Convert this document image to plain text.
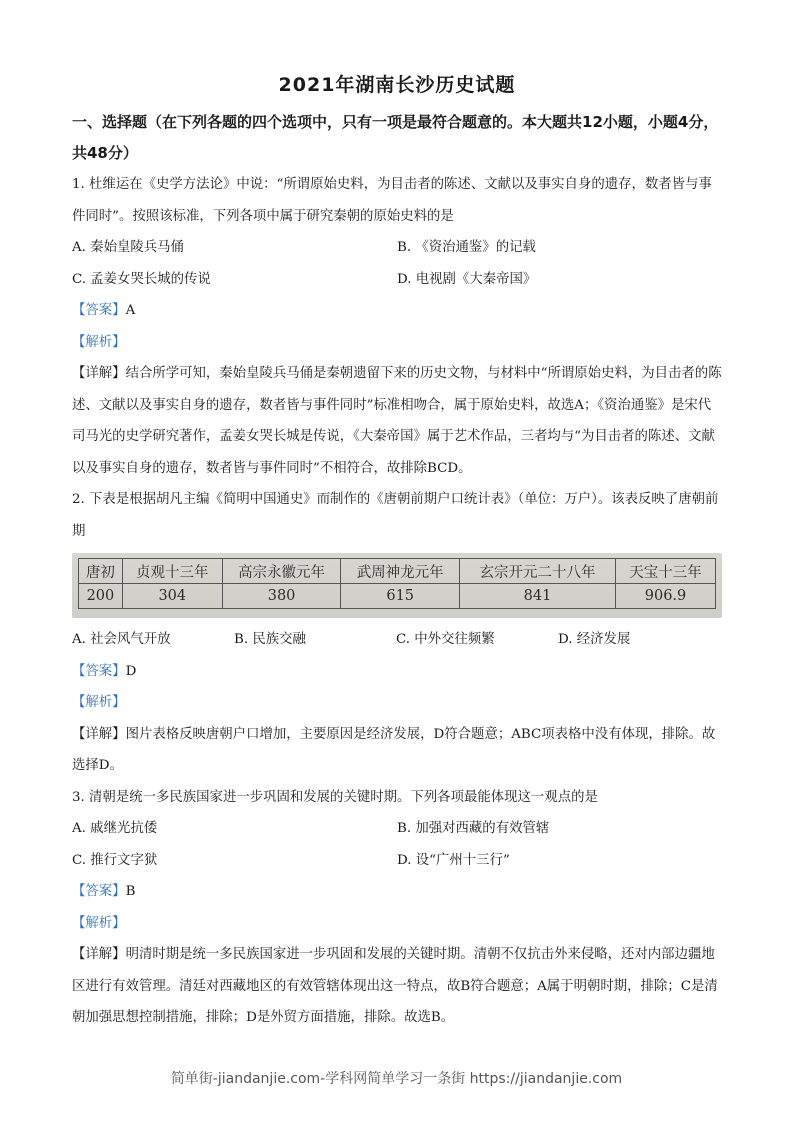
2021年湖南长沙历史试题

一、选择题（在下列各题的四个选项中，只有一项是最符合题意的。本大题共12小题，小题4分，共48分）

1. 杜维运在《史学方法论》中说：“所谓原始史料，为目击者的陈述、文献以及事实自身的遗存，数者皆与事件同时”。按照该标准，下列各项中属于研究秦朝的原始史料的是

A. 秦始皇陵兵马俑	B. 《资治通鉴》的记载
C. 孟姜女哭长城的传说	D. 电视剧《大秦帝国》

【答案】A

【解析】

【详解】结合所学可知，秦始皇陵兵马俑是秦朝遗留下来的历史文物，与材料中“所谓原始史料，为目击者的陈述、文献以及事实自身的遗存，数者皆与事件同时”标准相吻合，属于原始史料，故选A；《资治通鉴》是宋代司马光的史学研究著作，孟姜女哭长城是传说，《大秦帝国》属于艺术作品，三者均与“为目击者的陈述、文献以及事实自身的遗存，数者皆与事件同时”不相符合，故排除BCD。

2. 下表是根据胡凡主编《简明中国通史》而制作的《唐朝前期户口统计表》（单位：万户）。该表反映了唐朝前期

唐初	贞观十三年	高宗永徽元年	武周神龙元年	玄宗开元二十八年	天宝十三年
200	304	380	615	841	906.9
A. 社会风气开放	B. 民族交融	C. 中外交往频繁	D. 经济发展

【答案】D

【解析】

【详解】图片表格反映唐朝户口增加，主要原因是经济发展，D符合题意；ABC项表格中没有体现，排除。故选择D。

3. 清朝是统一多民族国家进一步巩固和发展的关键时期。下列各项最能体现这一观点的是

A. 戚继光抗倭	B. 加强对西藏的有效管辖
C. 推行文字狱	D. 设“广州十三行”

【答案】B

【解析】

【详解】明清时期是统一多民族国家进一步巩固和发展的关键时期。清朝不仅抗击外来侵略，还对内部边疆地区进行有效管理。清廷对西藏地区的有效管辖体现出这一特点，故B符合题意；A属于明朝时期，排除；C是清朝加强思想控制措施，排除；D是外贸方面措施，排除。故选B。

简单街-jiandanjie.com-学科网简单学习一条街 https://jiandanjie.com
